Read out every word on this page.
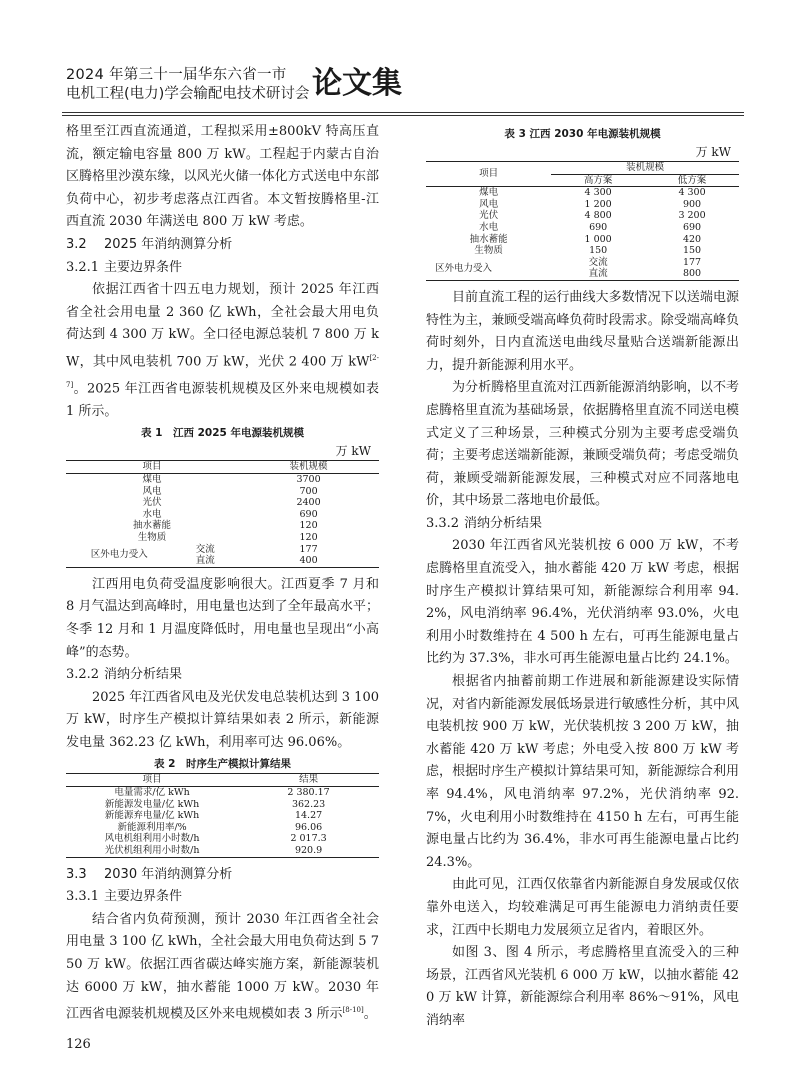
2024 年第三十一届华东六省一市
电机工程(电力)学会输配电技术研讨会 论文集

格里至江西直流通道，工程拟采用±800kV 特高压直流，额定输电容量 800 万 kW。工程起于内蒙古自治区腾格里沙漠东缘，以风光火储一体化方式送电中东部负荷中心，初步考虑落点江西省。本文暂按腾格里-江西直流 2030 年满送电 800 万 kW 考虑。

3.2 2025 年消纳测算分析
3.2.1 主要边界条件

依据江西省十四五电力规划，预计 2025 年江西省全社会用电量 2 360 亿 kWh，全社会最大用电负荷达到 4 300 万 kW。全口径电源总装机 7 800 万 kW，其中风电装机 700 万 kW，光伏 2 400 万 kW[2-7]。2025 年江西省电源装机规模及区外来电规模如表 1 所示。

表 1　江西 2025 年电源装机规模
万 kW
项目		装机规模
煤电		3700
风电		700
光伏		2400
水电		690
抽水蓄能		120
生物质		120
区外电力受入	交流	177
	直流	400

江西用电负荷受温度影响很大。江西夏季 7 月和 8 月气温达到高峰时，用电量也达到了全年最高水平；冬季 12 月和 1 月温度降低时，用电量也呈现出“小高峰”的态势。

3.2.2 消纳分析结果

2025 年江西省风电及光伏发电总装机达到 3 100 万 kW，时序生产模拟计算结果如表 2 所示，新能源发电量 362.23 亿 kWh，利用率可达 96.06%。

表 2　时序生产模拟计算结果
项目	结果
电量需求/亿 kWh	2 380.17
新能源发电量/亿 kWh	362.23
新能源弃电量/亿 kWh	14.27
新能源利用率/%	96.06
风电机组利用小时数/h	2 017.3
光伏机组利用小时数/h	920.9
3.3 2030 年消纳测算分析
3.3.1 主要边界条件

结合省内负荷预测，预计 2030 年江西省全社会用电量 3 100 亿 kWh，全社会最大用电负荷达到 5 750 万 kW。依据江西省碳达峰实施方案，新能源装机达 6000 万 kW，抽水蓄能 1000 万 kW。2030 年江西省电源装机规模及区外来电规模如表 3 所示[8-10]。

表 3 江西 2030 年电源装机规模
万 kW
项目		装机规模	
		高方案	低方案
煤电		4 300	4 300
风电		1 200	900
光伏		4 800	3 200
水电		690	690
抽水蓄能		1 000	420
生物质		150	150
区外电力受入		交流	177
		直流	800

目前直流工程的运行曲线大多数情况下以送端电源特性为主，兼顾受端高峰负荷时段需求。除受端高峰负荷时刻外，日内直流送电曲线尽量贴合送端新能源出力，提升新能源利用水平。

为分析腾格里直流对江西新能源消纳影响，以不考虑腾格里直流为基础场景，依据腾格里直流不同送电模式定义了三种场景，三种模式分别为主要考虑受端负荷；主要考虑送端新能源，兼顾受端负荷；考虑受端负荷，兼顾受端新能源发展，三种模式对应不同落地电价，其中场景二落地电价最低。

3.3.2 消纳分析结果

2030 年江西省风光装机按 6 000 万 kW，不考虑腾格里直流受入，抽水蓄能 420 万 kW 考虑，根据时序生产模拟计算结果可知，新能源综合利用率 94.2%，风电消纳率 96.4%，光伏消纳率 93.0%，火电利用小时数维持在 4 500 h 左右，可再生能源电量占比约为 37.3%，非水可再生能源电量占比约 24.1%。

根据省内抽蓄前期工作进展和新能源建设实际情况，对省内新能源发展低场景进行敏感性分析，其中风电装机按 900 万 kW，光伏装机按 3 200 万 kW，抽水蓄能 420 万 kW 考虑；外电受入按 800 万 kW 考虑，根据时序生产模拟计算结果可知，新能源综合利用率 94.4%，风电消纳率 97.2%，光伏消纳率 92.7%，火电利用小时数维持在 4150 h 左右，可再生能源电量占比约为 36.4%，非水可再生能源电量占比约 24.3%。

由此可见，江西仅依靠省内新能源自身发展或仅依靠外电送入，均较难满足可再生能源电力消纳责任要求，江西中长期电力发展须立足省内，着眼区外。

如图 3、图 4 所示，考虑腾格里直流受入的三种场景，江西省风光装机 6 000 万 kW，以抽水蓄能 420 万 kW 计算，新能源综合利用率 86%～91%，风电消纳率

126
